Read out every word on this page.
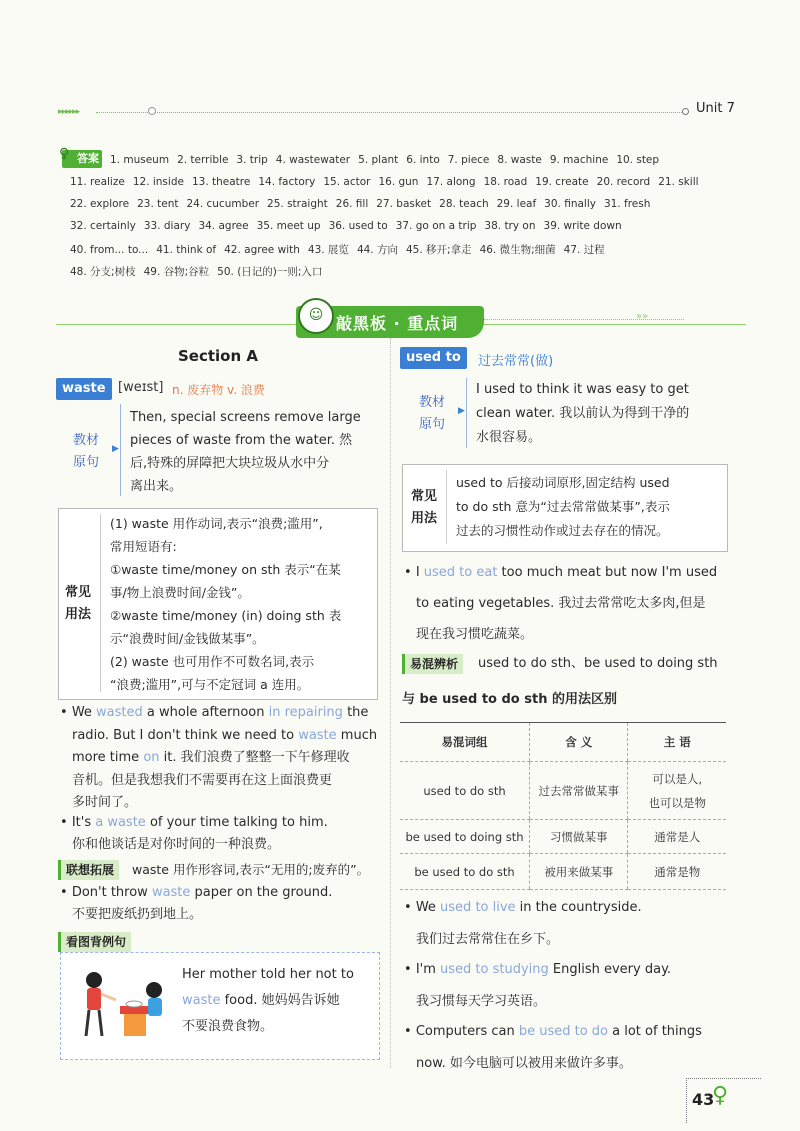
▸▸▸▸▸▸	Unit 7
答案
♀	1. museum 2. terrible 3. trip 4. wastewater 5. plant 6. into 7. piece 8. waste 9. machine 10. step
11. realize 12. inside 13. theatre 14. factory 15. actor 16. gun 17. along 18. road 19. create 20. record 21. skill
22. explore 23. tent 24. cucumber 25. straight 26. fill 27. basket 28. teach 29. leaf 30. finally 31. fresh
32. certainly 33. diary 34. agree 35. meet up 36. used to 37. go on a trip 38. try on 39. write down
40. from... to... 41. think of 42. agree with 43. 展览 44. 方向 45. 移开;拿走 46. 微生物;细菌 47. 过程
48. 分支;树枝 49. 谷物;谷粒 50. (日记的)一则;入口
»»
☺ 敲黑板 · 重点词
Section A
waste [weɪst] n. 废弃物 v. 浪费
教材
原句
▶
Then, special screens remove large
pieces of waste from the water. 然
后,特殊的屏障把大块垃圾从水中分
离出来。
常见
用法
(1) waste 用作动词,表示“浪费;滥用”,
常用短语有:
①waste time/money on sth 表示“在某
事/物上浪费时间/金钱”。
②waste time/money (in) doing sth 表
示“浪费时间/金钱做某事”。
(2) waste 也可用作不可数名词,表示
“浪费;滥用”,可与不定冠词 a 连用。
• We wasted a whole afternoon in repairing the
radio. But I don't think we need to waste much
more time on it. 我们浪费了整整一下午修理收
音机。但是我想我们不需要再在这上面浪费更
多时间了。
• It's a waste of your time talking to him.
你和他谈话是对你时间的一种浪费。
联想拓展	waste 用作形容词,表示“无用的;废弃的”。
• Don't throw waste paper on the ground.
不要把废纸扔到地上。
看图背例句
Her mother told her not to
waste food. 她妈妈告诉她
不要浪费食物。
used to	过去常常(做)
教材
原句
▶
I used to think it was easy to get
clean water. 我以前认为得到干净的
水很容易。
常见
用法
used to 后接动词原形,固定结构 used
to do sth 意为“过去常常做某事”,表示
过去的习惯性动作或过去存在的情况。
• I used to eat too much meat but now I'm used
to eating vegetables. 我过去常常吃太多肉,但是
现在我习惯吃蔬菜。
易混辨析	used to do sth、be used to doing sth
与 be used to do sth 的用法区别
易混词组	含 义	主 语
used to do sth	过去常常做某事	可以是人,
也可以是物

be used to doing sth	习惯做某事	通常是人
be used to do sth	被用来做某事	通常是物
• We used to live in the countryside.
我们过去常常住在乡下。
• I'm used to studying English every day.
我习惯每天学习英语。
• Computers can be used to do a lot of things
now. 如今电脑可以被用来做许多事。
43
♀
